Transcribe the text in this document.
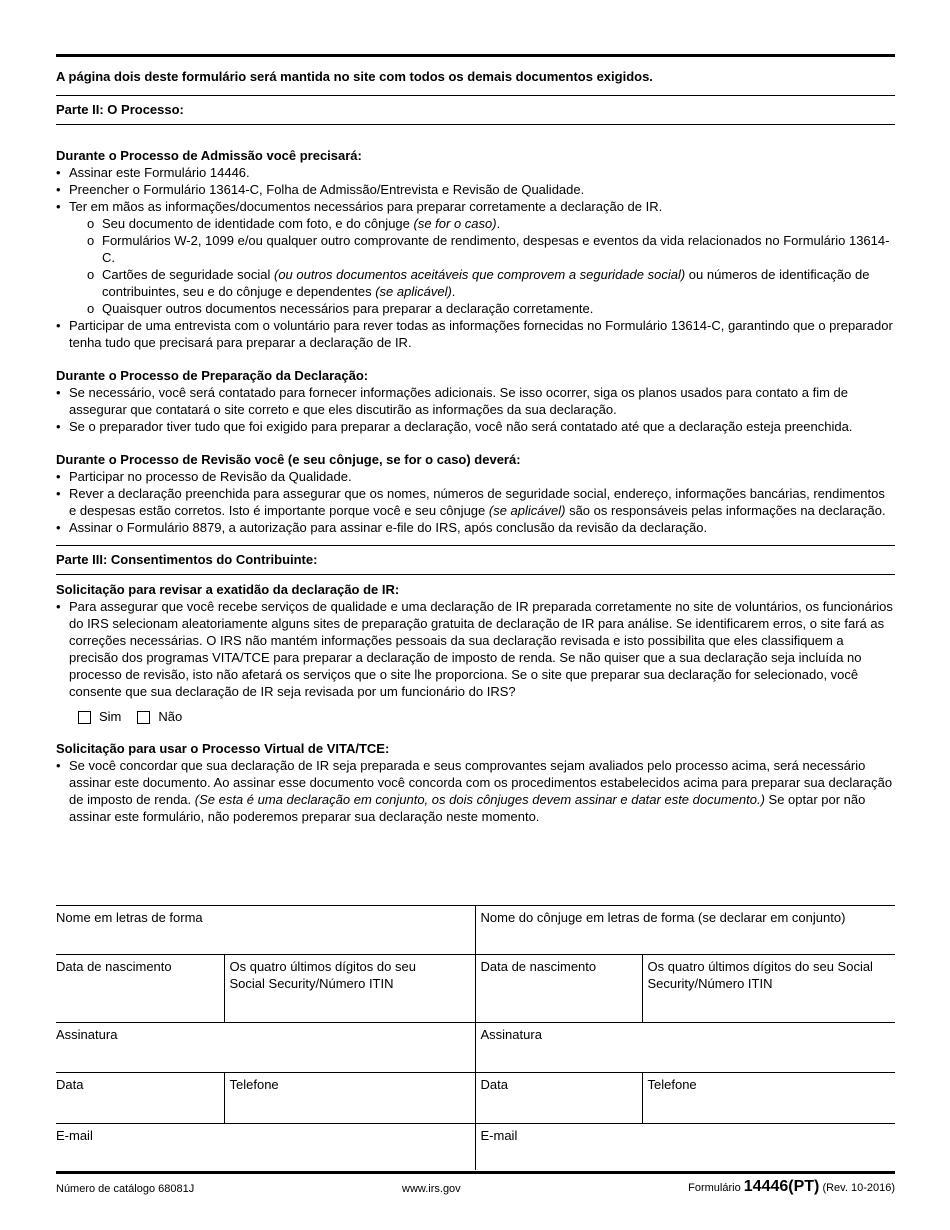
A página dois deste formulário será mantida no site com todos os demais documentos exigidos.
Parte II: O Processo:
Durante o Processo de Admissão você precisará:
• Assinar este Formulário 14446.
• Preencher o Formulário 13614-C, Folha de Admissão/Entrevista e Revisão de Qualidade.
• Ter em mãos as informações/documentos necessários para preparar corretamente a declaração de IR.
o Seu documento de identidade com foto, e do cônjuge (se for o caso).
o Formulários W-2, 1099 e/ou qualquer outro comprovante de rendimento, despesas e eventos da vida relacionados no Formulário 13614-C.
o Cartões de seguridade social (ou outros documentos aceitáveis que comprovem a seguridade social) ou números de identificação de contribuintes, seu e do cônjuge e dependentes (se aplicável).
o Quaisquer outros documentos necessários para preparar a declaração corretamente.
• Participar de uma entrevista com o voluntário para rever todas as informações fornecidas no Formulário 13614-C, garantindo que o preparador tenha tudo que precisará para preparar a declaração de IR.
Durante o Processo de Preparação da Declaração:
• Se necessário, você será contatado para fornecer informações adicionais. Se isso ocorrer, siga os planos usados para contato a fim de assegurar que contatará o site correto e que eles discutirão as informações da sua declaração.
• Se o preparador tiver tudo que foi exigido para preparar a declaração, você não será contatado até que a declaração esteja preenchida.
Durante o Processo de Revisão você (e seu cônjuge, se for o caso) deverá:
• Participar no processo de Revisão da Qualidade.
• Rever a declaração preenchida para assegurar que os nomes, números de seguridade social, endereço, informações bancárias, rendimentos e despesas estão corretos. Isto é importante porque você e seu cônjuge (se aplicável) são os responsáveis pelas informações na declaração.
• Assinar o Formulário 8879, a autorização para assinar e-file do IRS, após conclusão da revisão da declaração.
Parte III: Consentimentos do Contribuinte:
Solicitação para revisar a exatidão da declaração de IR:
• Para assegurar que você recebe serviços de qualidade e uma declaração de IR preparada corretamente no site de voluntários, os funcionários do IRS selecionam aleatoriamente alguns sites de preparação gratuita de declaração de IR para análise. Se identificarem erros, o site fará as correções necessárias. O IRS não mantém informações pessoais da sua declaração revisada e isto possibilita que eles classifiquem a precisão dos programas VITA/TCE para preparar a declaração de imposto de renda. Se não quiser que a sua declaração seja incluída no processo de revisão, isto não afetará os serviços que o site lhe proporciona. Se o site que preparar sua declaração for selecionado, você consente que sua declaração de IR seja revisada por um funcionário do IRS?
Sim	Não
Solicitação para usar o Processo Virtual de VITA/TCE:
• Se você concordar que sua declaração de IR seja preparada e seus comprovantes sejam avaliados pelo processo acima, será necessário assinar este documento. Ao assinar esse documento você concorda com os procedimentos estabelecidos acima para preparar sua declaração de imposto de renda. (Se esta é uma declaração em conjunto, os dois cônjuges devem assinar e datar este documento.) Se optar por não assinar este formulário, não poderemos preparar sua declaração neste momento.
Nome em letras de forma		Nome do cônjuge em letras de forma (se declarar em conjunto)	
Data de nascimento	Os quatro últimos dígitos do seu Social Security/Número ITIN	Data de nascimento	Os quatro últimos dígitos do seu Social Security/Número ITIN
Assinatura		Assinatura	
Data	Telefone	Data	Telefone
E-mail		E-mail	
Número de catálogo 68081J	www.irs.gov	Formulário 14446(PT) (Rev. 10-2016)
